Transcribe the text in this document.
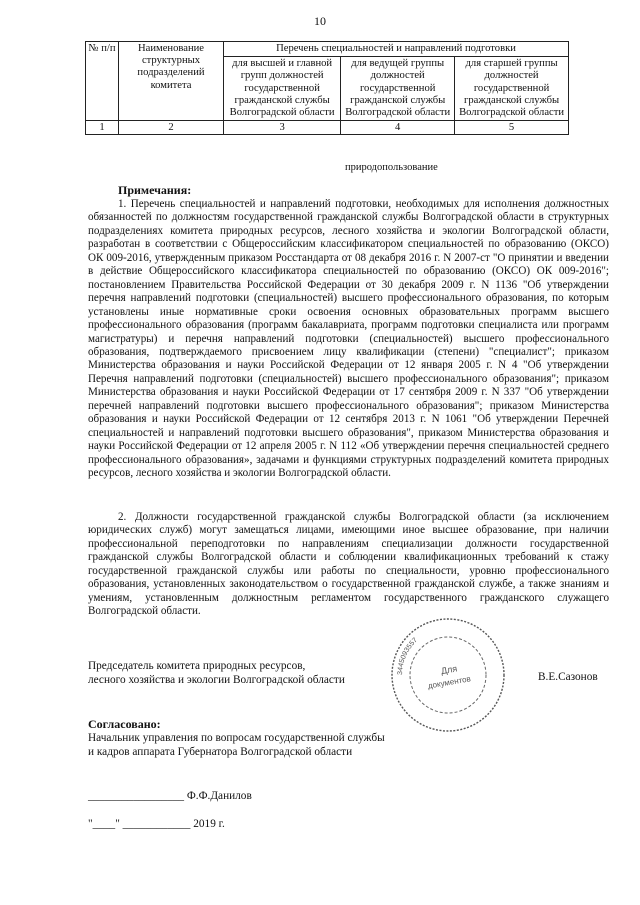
10
№ п/п	Наименование структурных подразделений комитета	Перечень специальностей и направлений подготовки		
		для высшей и главной групп должностей государственной гражданской службы Волгоградской области	для ведущей группы должностей государственной гражданской службы Волгоградской области	для старшей группы должностей государственной гражданской службы Волгоградской области
1	2	3	4	5
природопользование
Примечания:
1. Перечень специальностей и направлений подготовки, необходимых для исполнения должностных обязанностей по должностям государственной гражданской службы Волгоградской области в структурных подразделениях комитета природных ресурсов, лесного хозяйства и экологии Волгоградской области, разработан в соответствии с Общероссийским классификатором специальностей по образованию (ОКСО) ОК 009-2016, утвержденным приказом Росстандарта от 08 декабря 2016 г. N 2007-ст "О принятии и введении в действие Общероссийского классификатора специальностей по образованию (ОКСО) ОК 009-2016"; постановлением Правительства Российской Федерации от 30 декабря 2009 г. N 1136 "Об утверждении перечня направлений подготовки (специальностей) высшего профессионального образования, по которым установлены иные нормативные сроки освоения основных образовательных программ высшего профессионального образования (программ бакалавриата, программ подготовки специалиста или программ магистратуры) и перечня направлений подготовки (специальностей) высшего профессионального образования, подтверждаемого присвоением лицу квалификации (степени) "специалист"; приказом Министерства образования и науки Российской Федерации от 12 января 2005 г. N 4 "Об утверждении Перечня направлений подготовки (специальностей) высшего профессионального образования"; приказом Министерства образования и науки Российской Федерации от 17 сентября 2009 г. N 337 "Об утверждении перечней направлений подготовки высшего профессионального образования"; приказом Министерства образования и науки Российской Федерации от 12 сентября 2013 г. N 1061 "Об утверждении Перечней специальностей и направлений подготовки высшего образования", приказом Министерства образования и науки Российской Федерации от 12 апреля 2005 г. N 112 «Об утверждении перечня специальностей среднего профессионального образования», задачами и функциями структурных подразделений комитета природных ресурсов, лесного хозяйства и экологии Волгоградской области.
2. Должности государственной гражданской службы Волгоградской области (за исключением юридических служб) могут замещаться лицами, имеющими иное высшее образование, при наличии профессиональной переподготовки по направлениям специализации должности государственной гражданской службы Волгоградской области и соблюдении квалификационных требований к стажу государственной гражданской службы или работы по специальности, уровню профессионального образования, установленных законодательством о государственной гражданской службе, а также знаниям и умениям, установленным должностным регламентом государственного гражданского служащего Волгоградской области.
Председатель комитета природных ресурсов,
лесного хозяйства и экологии Волгоградской области	В.Е.Сазонов
3445093557
Для
документов
Согласовано:
Начальник управления по вопросам государственной службы
и кадров аппарата Губернатора Волгоградской области
_________________ Ф.Ф.Данилов
"____" ____________ 2019 г.
